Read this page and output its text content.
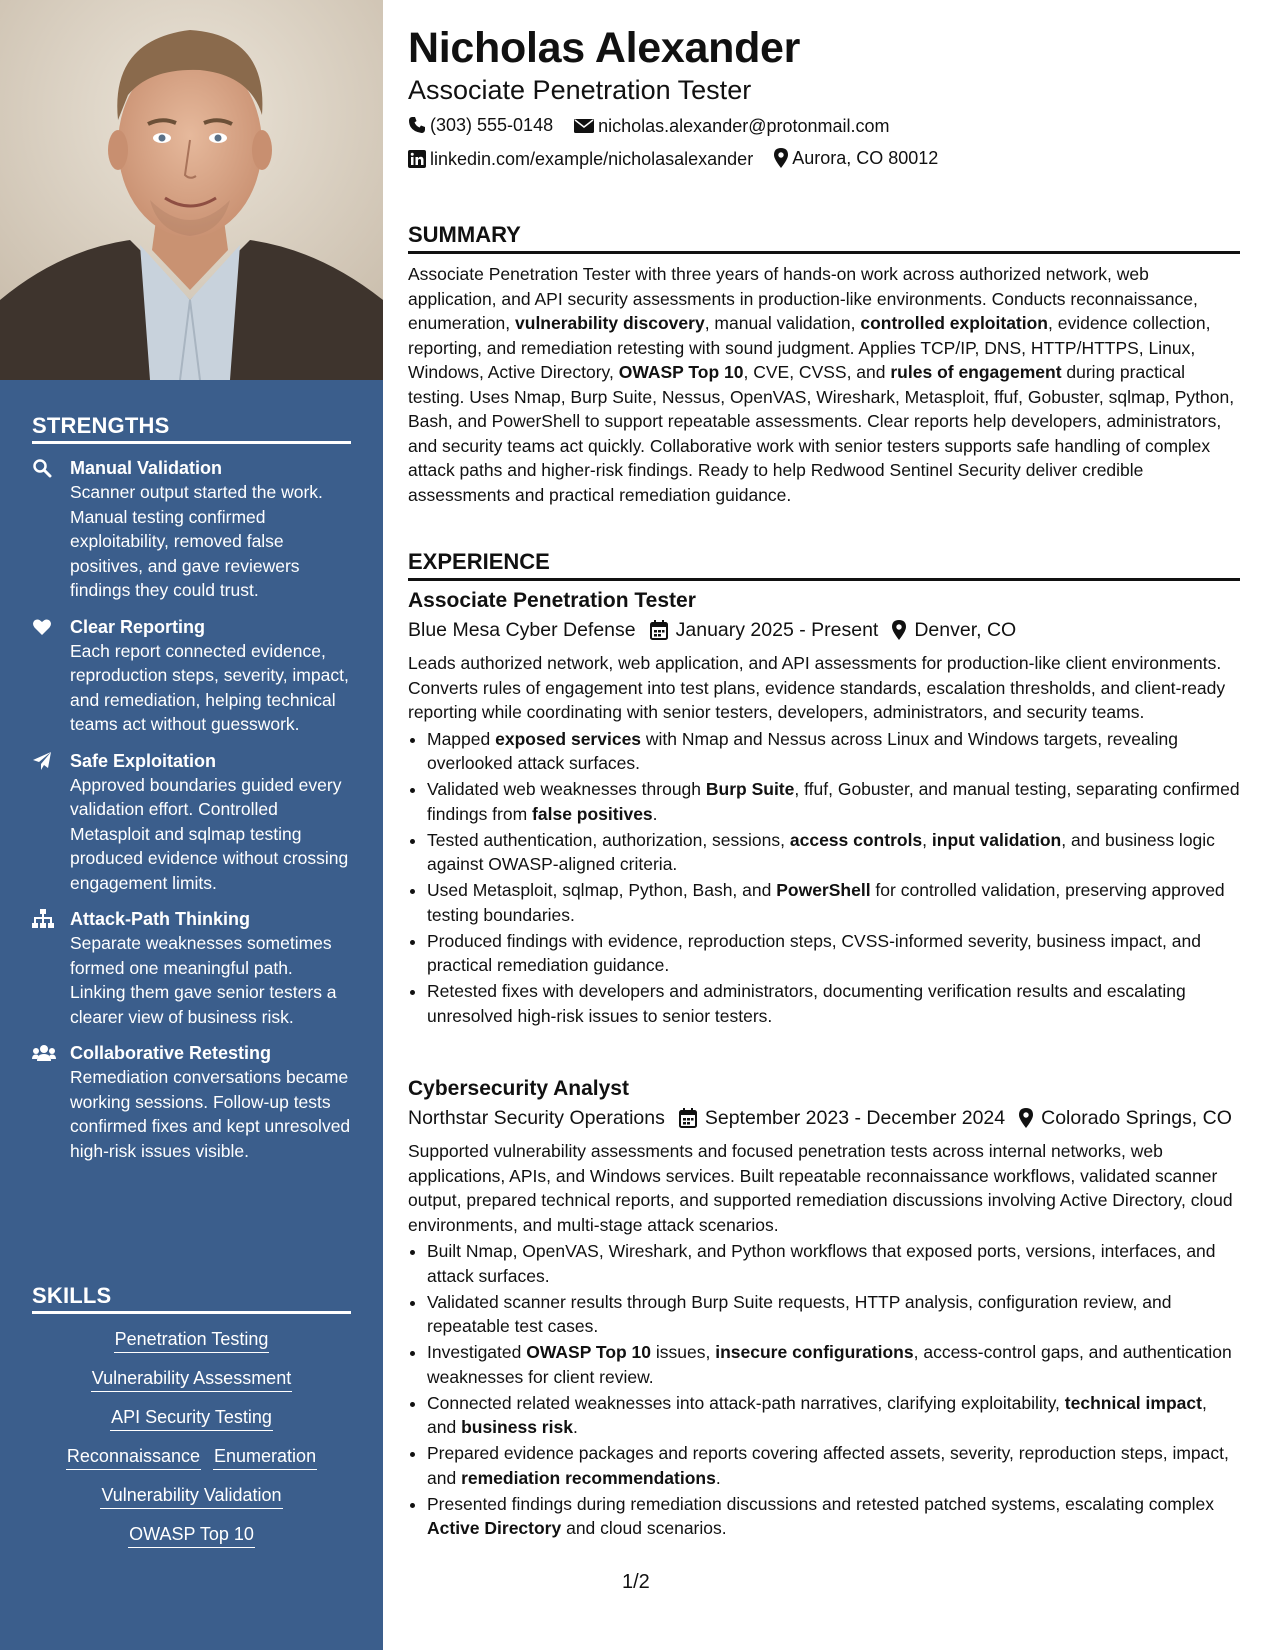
STRENGTHS
Manual Validation
Scanner output started the work. Manual testing confirmed exploitability, removed false positives, and gave reviewers findings they could trust.
Clear Reporting
Each report connected evidence, reproduction steps, severity, impact, and remediation, helping technical teams act without guesswork.
Safe Exploitation
Approved boundaries guided every validation effort. Controlled Metasploit and sqlmap testing produced evidence without crossing engagement limits.
Attack-Path Thinking
Separate weaknesses sometimes formed one meaningful path. Linking them gave senior testers a clearer view of business risk.
Collaborative Retesting
Remediation conversations became working sessions. Follow-up tests confirmed fixes and kept unresolved high-risk issues visible.
SKILLS
Penetration Testing
Vulnerability Assessment
API Security Testing
Reconnaissance Enumeration
Vulnerability Validation
OWASP Top 10
Nicholas Alexander
Associate Penetration Tester
(303) 555-0148
	nicholas.alexander@protonmail.com
linkedin.com/example/nicholasalexander
Aurora, CO 80012
SUMMARY

Associate Penetration Tester with three years of hands-on work across authorized network, web application, and API security assessments in production-like environments. Conducts reconnaissance, enumeration, vulnerability discovery, manual validation, controlled exploitation, evidence collection, reporting, and remediation retesting with sound judgment. Applies TCP/IP, DNS, HTTP/HTTPS, Linux, Windows, Active Directory, OWASP Top 10, CVE, CVSS, and rules of engagement during practical testing. Uses Nmap, Burp Suite, Nessus, OpenVAS, Wireshark, Metasploit, ffuf, Gobuster, sqlmap, Python, Bash, and PowerShell to support repeatable assessments. Clear reports help developers, administrators, and security teams act quickly. Collaborative work with senior testers supports safe handling of complex attack paths and higher-risk findings. Ready to help Redwood Sentinel Security deliver credible assessments and practical remediation guidance.

EXPERIENCE
Associate Penetration Tester
Blue Mesa Cyber Defense January 2025 - Present Denver, CO

Leads authorized network, web application, and API assessments for production-like client environments. Converts rules of engagement into test plans, evidence standards, escalation thresholds, and client-ready reporting while coordinating with senior testers, developers, administrators, and security teams.

• Mapped exposed services with Nmap and Nessus across Linux and Windows targets, revealing overlooked attack surfaces.
• Validated web weaknesses through Burp Suite, ffuf, Gobuster, and manual testing, separating confirmed findings from false positives.
• Tested authentication, authorization, sessions, access controls, input validation, and business logic against OWASP-aligned criteria.
• Used Metasploit, sqlmap, Python, Bash, and PowerShell for controlled validation, preserving approved testing boundaries.
• Produced findings with evidence, reproduction steps, CVSS-informed severity, business impact, and practical remediation guidance.
• Retested fixes with developers and administrators, documenting verification results and escalating unresolved high-risk issues to senior testers.
Cybersecurity Analyst
Northstar Security Operations September 2023 - December 2024 Colorado Springs, CO

Supported vulnerability assessments and focused penetration tests across internal networks, web applications, APIs, and Windows services. Built repeatable reconnaissance workflows, validated scanner output, prepared technical reports, and supported remediation discussions involving Active Directory, cloud environments, and multi-stage attack scenarios.

• Built Nmap, OpenVAS, Wireshark, and Python workflows that exposed ports, versions, interfaces, and attack surfaces.
• Validated scanner results through Burp Suite requests, HTTP analysis, configuration review, and repeatable test cases.
• Investigated OWASP Top 10 issues, insecure configurations, access-control gaps, and authentication weaknesses for client review.
• Connected related weaknesses into attack-path narratives, clarifying exploitability, technical impact, and business risk.
• Prepared evidence packages and reports covering affected assets, severity, reproduction steps, impact, and remediation recommendations.
• Presented findings during remediation discussions and retested patched systems, escalating complex Active Directory and cloud scenarios.
1/2
